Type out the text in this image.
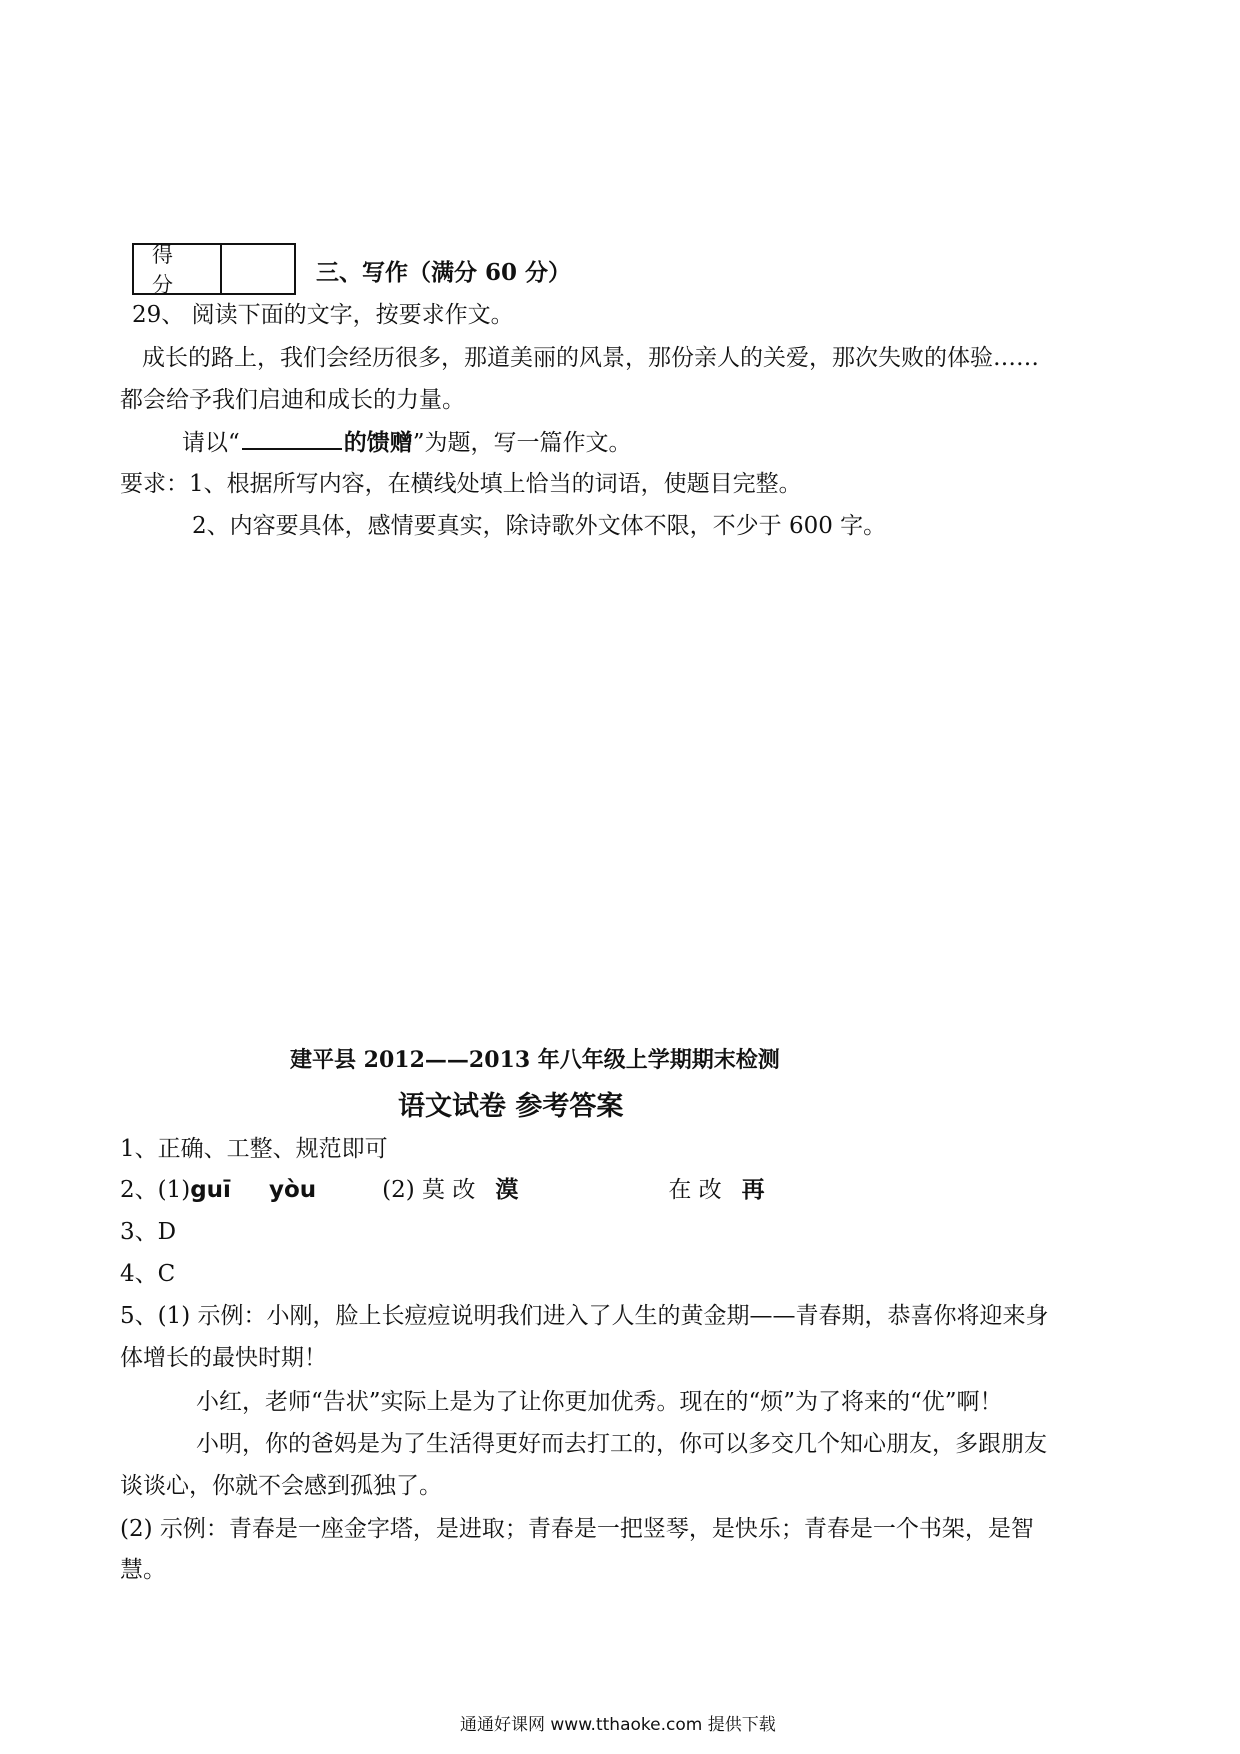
得 分	三、写作（满分 60 分）
29、 阅读下面的文字，按要求作文。
成长的路上，我们会经历很多，那道美丽的风景，那份亲人的关爱，那次失败的体验……
都会给予我们启迪和成长的力量。
请以“	的馈赠”为题，写一篇作文。
要求：1、根据所写内容，在横线处填上恰当的词语，使题目完整。
2、内容要具体，感情要真实，除诗歌外文体不限，不少于 600 字。
建平县 2012——2013 年八年级上学期期末检测
语文试卷 参考答案
1、正确、工整、规范即可
2、(1)guī yòu	(2) 莫 改 漠	在 改 再
3、D
4、C
5、(1) 示例：小刚，脸上长痘痘说明我们进入了人生的黄金期——青春期，恭喜你将迎来身
体增长的最快时期！
小红，老师“告状”实际上是为了让你更加优秀。现在的“烦”为了将来的“优”啊！
小明，你的爸妈是为了生活得更好而去打工的，你可以多交几个知心朋友，多跟朋友
谈谈心，你就不会感到孤独了。
(2) 示例：青春是一座金字塔，是进取；青春是一把竖琴，是快乐；青春是一个书架，是智
慧。
通通好课网 www.tthaoke.com 提供下载
